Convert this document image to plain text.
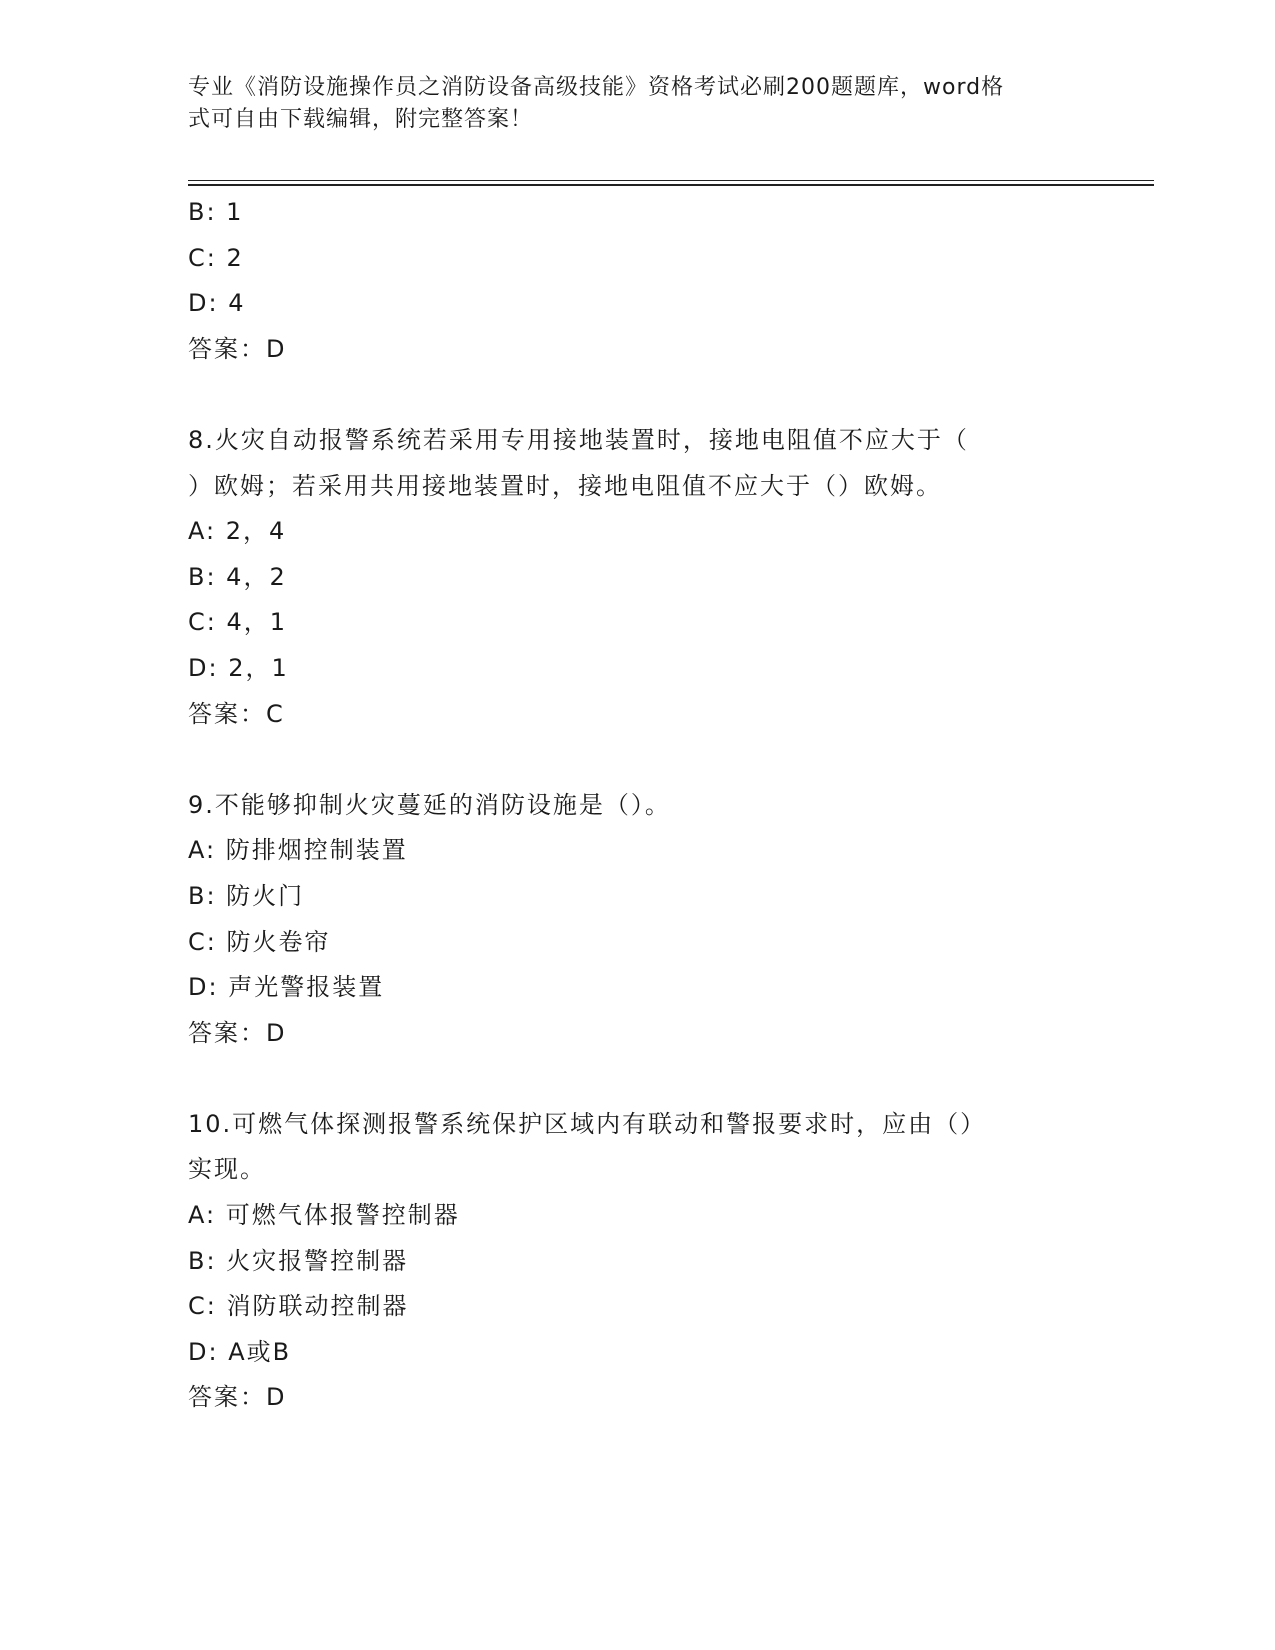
专业《消防设施操作员之消防设备高级技能》资格考试必刷200题题库，word格
式可自由下载编辑，附完整答案！
B: 1
C: 2
D: 4
答案：D
8.火灾自动报警系统若采用专用接地装置时，接地电阻值不应大于（
）欧姆；若采用共用接地装置时，接地电阻值不应大于（）欧姆。
A: 2，4
B: 4，2
C: 4，1
D: 2，1
答案：C
9.不能够抑制火灾蔓延的消防设施是（）。
A: 防排烟控制装置
B: 防火门
C: 防火卷帘
D: 声光警报装置
答案：D
10.可燃气体探测报警系统保护区域内有联动和警报要求时，应由（）
实现。
A: 可燃气体报警控制器
B: 火灾报警控制器
C: 消防联动控制器
D: A或B
答案：D
